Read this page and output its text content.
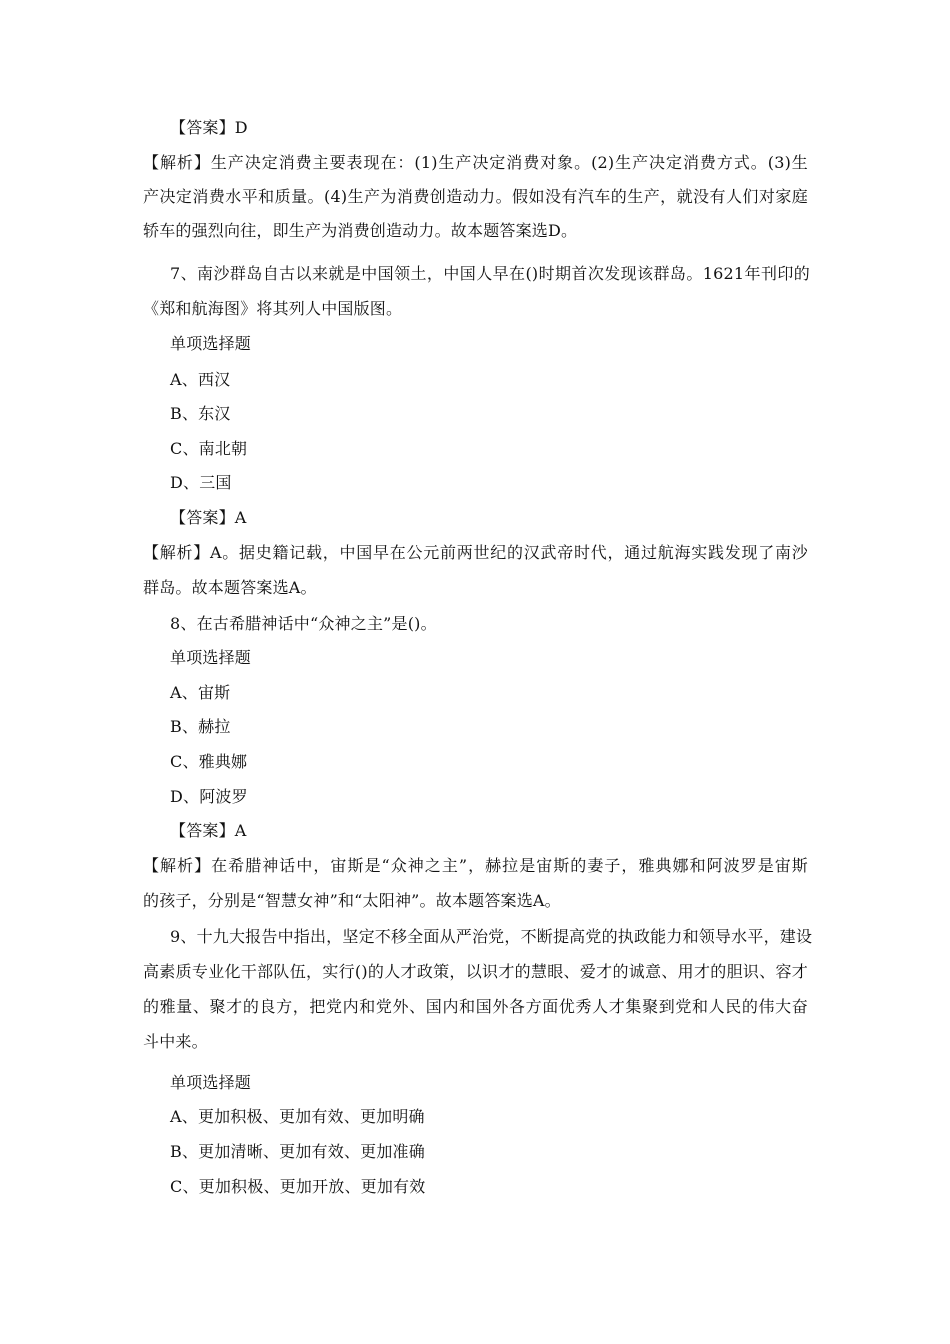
【答案】D
【解析】生产决定消费主要表现在：(1)生产决定消费对象。(2)生产决定消费方式。(3)生
产决定消费水平和质量。(4)生产为消费创造动力。假如没有汽车的生产，就没有人们对家庭
轿车的强烈向往，即生产为消费创造动力。故本题答案选D。
7、南沙群岛自古以来就是中国领土，中国人早在()时期首次发现该群岛。1621年刊印的
《郑和航海图》将其列人中国版图。
单项选择题
A、西汉
B、东汉
C、南北朝
D、三国
【答案】A
【解析】A。据史籍记载，中国早在公元前两世纪的汉武帝时代，通过航海实践发现了南沙
群岛。故本题答案选A。
8、在古希腊神话中“众神之主”是()。
单项选择题
A、宙斯
B、赫拉
C、雅典娜
D、阿波罗
【答案】A
【解析】在希腊神话中，宙斯是“众神之主”，赫拉是宙斯的妻子，雅典娜和阿波罗是宙斯
的孩子，分别是“智慧女神”和“太阳神”。故本题答案选A。
9、十九大报告中指出，坚定不移全面从严治党，不断提高党的执政能力和领导水平，建设
高素质专业化干部队伍，实行()的人才政策，以识才的慧眼、爱才的诚意、用才的胆识、容才
的雅量、聚才的良方，把党内和党外、国内和国外各方面优秀人才集聚到党和人民的伟大奋
斗中来。
单项选择题
A、更加积极、更加有效、更加明确
B、更加清晰、更加有效、更加准确
C、更加积极、更加开放、更加有效
